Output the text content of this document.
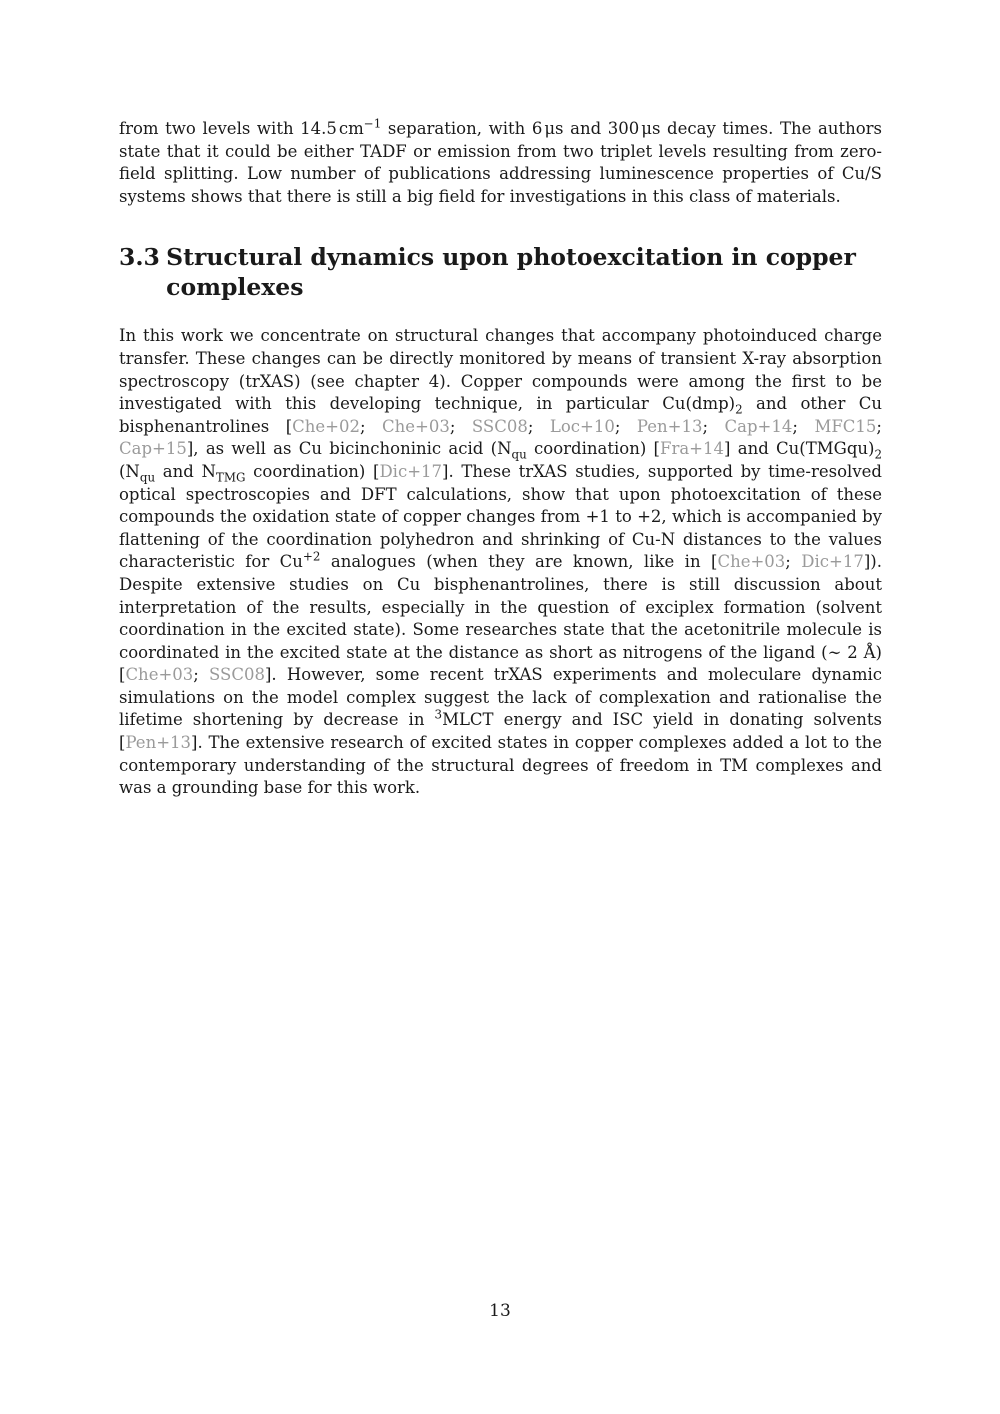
from two levels with 14.5 $cm^{-1}$ separation, with 6 μs and 300 μs decay times. The authors state that it could be either TADF or emission from two triplet levels resulting from zero-field splitting. Low number of publications addressing luminescence properties of Cu/S systems shows that there is still a big field for investigations in this class of materials.

3.3 Structural dynamics upon photoexcitation in copper complexes

In this work we concentrate on structural changes that accompany photoinduced charge transfer. These changes can be directly monitored by means of transient X-ray absorption spectroscopy (trXAS) (see chapter 4). Copper compounds were among the first to be investigated with this developing technique, in particular $Cu(dmp)_2$ and other Cu bisphenantrolines [Che+02; Che+03; SSC08; Loc+10; Pen+13; Cap+14; MFC15; Cap+15], as well as Cu bicinchoninic acid ($N_{qu}$ coordination) [Fra+14] and $Cu(TMGqu)_2$ ($N_{qu}$ and $N_{TMG}$ coordination) [Dic+17]. These trXAS studies, supported by time-resolved optical spectroscopies and DFT calculations, show that upon photoexcitation of these compounds the oxidation state of copper changes from +1 to +2, which is accompanied by flattening of the coordination polyhedron and shrinking of Cu-N distances to the values characteristic for $Cu^{+2}$ analogues (when they are known, like in [Che+03; Dic+17]). Despite extensive studies on Cu bisphenantrolines, there is still discussion about interpretation of the results, especially in the question of exciplex formation (solvent coordination in the excited state). Some researches state that the acetonitrile molecule is coordinated in the excited state at the distance as short as nitrogens of the ligand (∼ 2 Å) [Che+03; SSC08]. However, some recent trXAS experiments and moleculare dynamic simulations on the model complex suggest the lack of complexation and rationalise the lifetime shortening by decrease in $^3$MLCT energy and ISC yield in donating solvents [Pen+13]. The extensive research of excited states in copper complexes added a lot to the contemporary understanding of the structural degrees of freedom in TM complexes and was a grounding base for this work.

13
